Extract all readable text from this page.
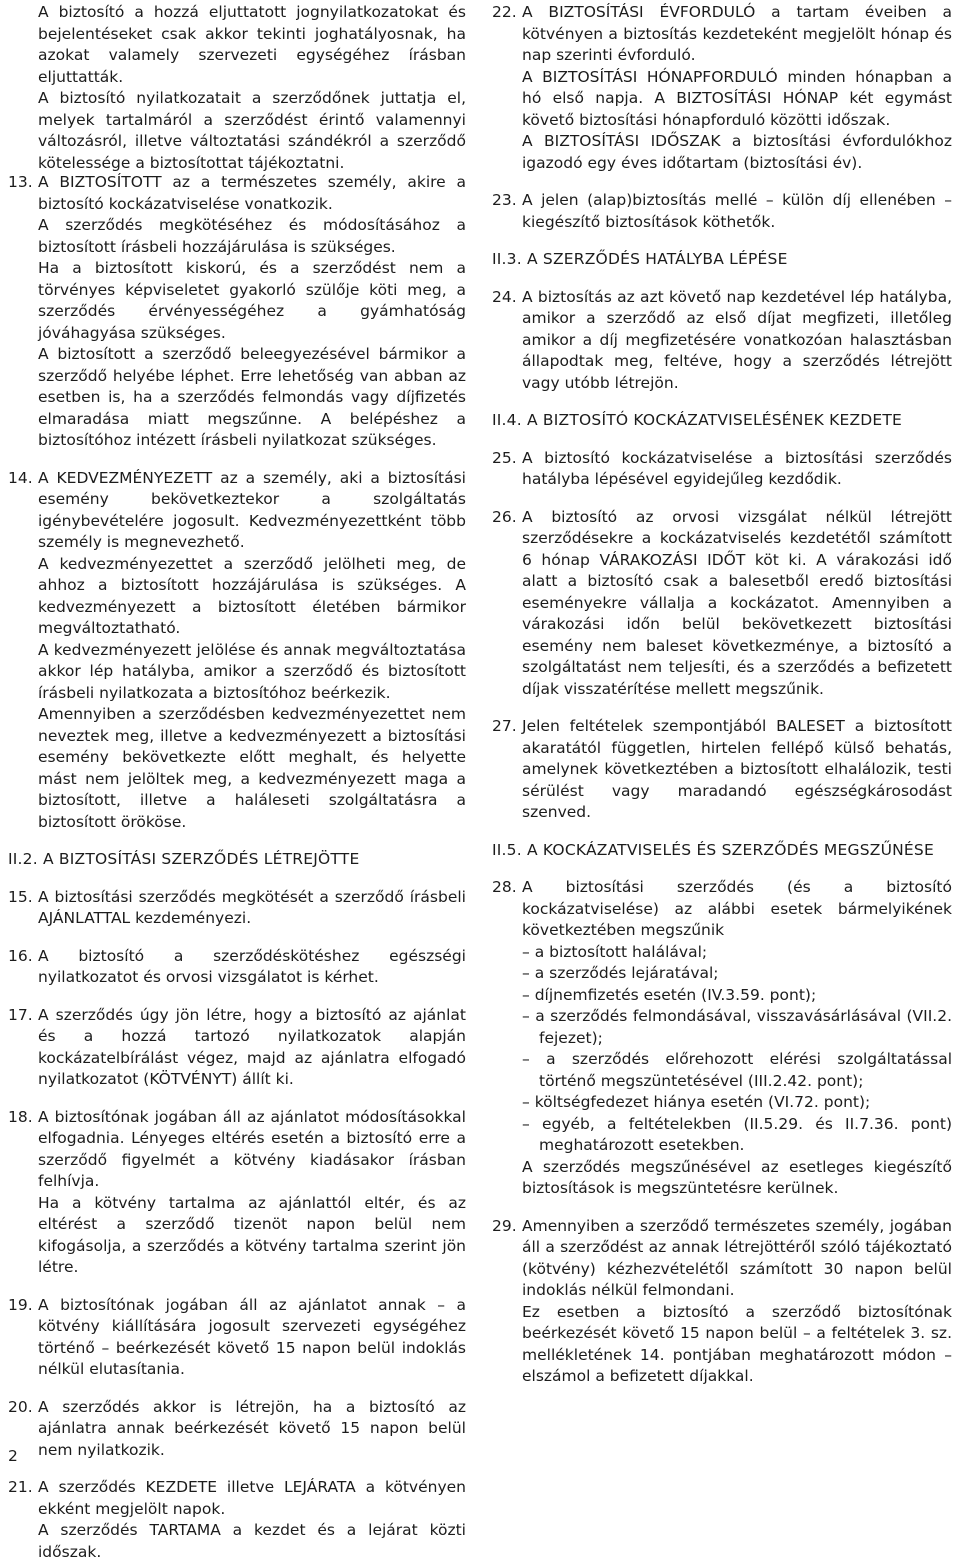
A biztosító a hozzá eljuttatott jognyilatkozatokat és bejelentéseket csak akkor tekinti joghatályosnak, ha azokat valamely szervezeti egységéhez írásban eljuttatták.

A biztosító nyilatkozatait a szerződőnek juttatja el, melyek tartalmáról a szerződést érintő valamennyi változásról, illetve változtatási szándékról a szerződő kötelessége a biztosítottat tájékoztatni.

13. A BIZTOSÍTOTT az a természetes személy, akire a biztosító kockázatviselése vonatkozik.

A szerződés megkötéséhez és módosításához a biztosított írásbeli hozzájárulása is szükséges.

Ha a biztosított kiskorú, és a szerződést nem a törvényes képviseletet gyakorló szülője köti meg, a szerződés érvényességéhez a gyámhatóság jóváhagyása szükséges.

A biztosított a szerződő beleegyezésével bármikor a szerződő helyébe léphet. Erre lehetőség van abban az esetben is, ha a szerződés felmondás vagy díjfizetés elmaradása miatt megszűnne. A belépéshez a biztosítóhoz intézett írásbeli nyilatkozat szükséges.

14. A KEDVEZMÉNYEZETT az a személy, aki a biztosítási esemény bekövetkeztekor a szolgáltatás igénybevételére jogosult. Kedvezményezettként több személy is megnevezhető.

A kedvezményezettet a szerződő jelölheti meg, de ahhoz a biztosított hozzájárulása is szükséges. A kedvezményezett a biztosított életében bármikor megváltoztatható.

A kedvezményezett jelölése és annak megváltoztatása akkor lép hatályba, amikor a szerződő és biztosított írásbeli nyilatkozata a biztosítóhoz beérkezik.

Amennyiben a szerződésben kedvezményezettet nem neveztek meg, illetve a kedvezményezett a biztosítási esemény bekövetkezte előtt meghalt, és helyette mást nem jelöltek meg, a kedvezményezett maga a biztosított, illetve a haláleseti szolgáltatásra a biztosított örököse.

II.2. A BIZTOSÍTÁSI SZERZŐDÉS LÉTREJÖTTE
15. A biztosítási szerződés megkötését a szerződő írásbeli AJÁNLATTAL kezdeményezi.
16. A biztosító a szerződéskötéshez egészségi nyilatkozatot és orvosi vizsgálatot is kérhet.
17. A szerződés úgy jön létre, hogy a biztosító az ajánlat és a hozzá tartozó nyilatkozatok alapján kockázatelbírálást végez, majd az ajánlatra elfogadó nyilatkozatot (KÖTVÉNYT) állít ki.
18. A biztosítónak jogában áll az ajánlatot módosításokkal elfogadnia. Lényeges eltérés esetén a biztosító erre a szerződő figyelmét a kötvény kiadásakor írásban felhívja.

Ha a kötvény tartalma az ajánlattól eltér, és az eltérést a szerződő tizenöt napon belül nem kifogásolja, a szerződés a kötvény tartalma szerint jön létre.

19. A biztosítónak jogában áll az ajánlatot annak – a kötvény kiállítására jogosult szervezeti egységéhez történő – beérkezését követő 15 napon belül indoklás nélkül elutasítania.
20. A szerződés akkor is létrejön, ha a biztosító az ajánlatra annak beérkezését követő 15 napon belül nem nyilatkozik.
21. A szerződés KEZDETE illetve LEJÁRATA a kötvényen ekként megjelölt napok.

A szerződés TARTAMA a kezdet és a lejárat közti időszak.

22. A BIZTOSÍTÁSI ÉVFORDULÓ a tartam éveiben a kötvényen a biztosítás kezdeteként megjelölt hónap és nap szerinti évforduló.

A BIZTOSÍTÁSI HÓNAPFORDULÓ minden hónapban a hó első napja. A BIZTOSÍTÁSI HÓNAP két egymást követő biztosítási hónapforduló közötti időszak.

A BIZTOSÍTÁSI IDŐSZAK a biztosítási évfordulókhoz igazodó egy éves időtartam (biztosítási év).

23. A jelen (alap)biztosítás mellé – külön díj ellenében – kiegészítő biztosítások köthetők.
II.3. A SZERZŐDÉS HATÁLYBA LÉPÉSE
24. A biztosítás az azt követő nap kezdetével lép hatályba, amikor a szerződő az első díjat megfizeti, illetőleg amikor a díj megfizetésére vonatkozóan halasztásban állapodtak meg, feltéve, hogy a szerződés létrejött vagy utóbb létrejön.
II.4. A BIZTOSÍTÓ KOCKÁZATVISELÉSÉNEK KEZDETE
25. A biztosító kockázatviselése a biztosítási szerződés hatályba lépésével egyidejűleg kezdődik.
26. A biztosító az orvosi vizsgálat nélkül létrejött szerződésekre a kockázatviselés kezdetétől számított 6 hónap VÁRAKOZÁSI IDŐT köt ki. A várakozási idő alatt a biztosító csak a balesetből eredő biztosítási eseményekre vállalja a kockázatot. Amennyiben a várakozási időn belül bekövetkezett biztosítási esemény nem baleset következménye, a biztosító a szolgáltatást nem teljesíti, és a szerződés a befizetett díjak visszatérítése mellett megszűnik.
27. Jelen feltételek szempontjából BALESET a biztosított akaratától független, hirtelen fellépő külső behatás, amelynek következtében a biztosított elhalálozik, testi sérülést vagy maradandó egészségkárosodást szenved.
II.5. A KOCKÁZATVISELÉS ÉS SZERZŐDÉS MEGSZŰNÉSE
28. A biztosítási szerződés (és a biztosító kockázatviselése) az alábbi esetek bármelyikének következtében megszűnik

– a biztosított halálával;
– a szerződés lejáratával;
– díjnemfizetés esetén (IV.3.59. pont);
– a szerződés felmondásával, visszavásárlásával (VII.2. fejezet);
– a szerződés előrehozott elérési szolgáltatással történő megszüntetésével (III.2.42. pont);
– költségfedezet hiánya esetén (VI.72. pont);
– egyéb, a feltételekben (II.5.29. és II.7.36. pont) meghatározott esetekben.

A szerződés megszűnésével az esetleges kiegészítő biztosítások is megszüntetésre kerülnek.

29. Amennyiben a szerződő természetes személy, jogában áll a szerződést az annak létrejöttéről szóló tájékoztató (kötvény) kézhezvételétől számított 30 napon belül indoklás nélkül felmondani.

Ez esetben a biztosító a szerződő biztosítónak beérkezését követő 15 napon belül – a feltételek 3. sz. mellékletének 14. pontjában meghatározott módon – elszámol a befizetett díjakkal.

2
